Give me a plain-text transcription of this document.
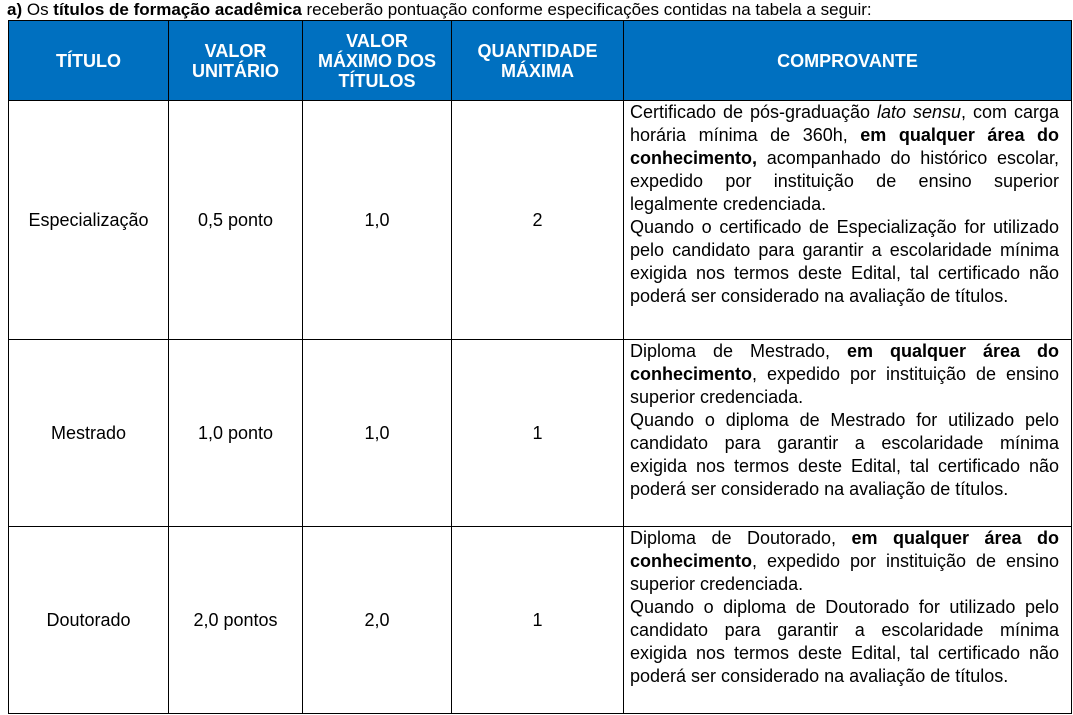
a) Os títulos de formação acadêmica receberão pontuação conforme especificações contidas na tabela a seguir:
TÍTULO	VALOR UNITÁRIO	VALOR MÁXIMO DOS TÍTULOS	QUANTIDADE MÁXIMA	COMPROVANTE
Especialização	0,5 ponto	1,0	2	Certificado de pós-graduação lato sensu, com carga horária mínima de 360h, em qualquer área do conhecimento, acompanhado do histórico escolar, expedido por instituição de ensino superior legalmente credenciada.

Quando o certificado de Especialização for utilizado pelo candidato para garantir a escolaridade mínima exigida nos termos deste Edital, tal certificado não poderá ser considerado na avaliação de títulos.

Mestrado	1,0 ponto	1,0	1	Diploma de Mestrado, em qualquer área do conhecimento, expedido por instituição de ensino superior credenciada.

Quando o diploma de Mestrado for utilizado pelo candidato para garantir a escolaridade mínima exigida nos termos deste Edital, tal certificado não poderá ser considerado na avaliação de títulos.

Doutorado	2,0 pontos	2,0	1	Diploma de Doutorado, em qualquer área do conhecimento, expedido por instituição de ensino superior credenciada.

Quando o diploma de Doutorado for utilizado pelo candidato para garantir a escolaridade mínima exigida nos termos deste Edital, tal certificado não poderá ser considerado na avaliação de títulos.
